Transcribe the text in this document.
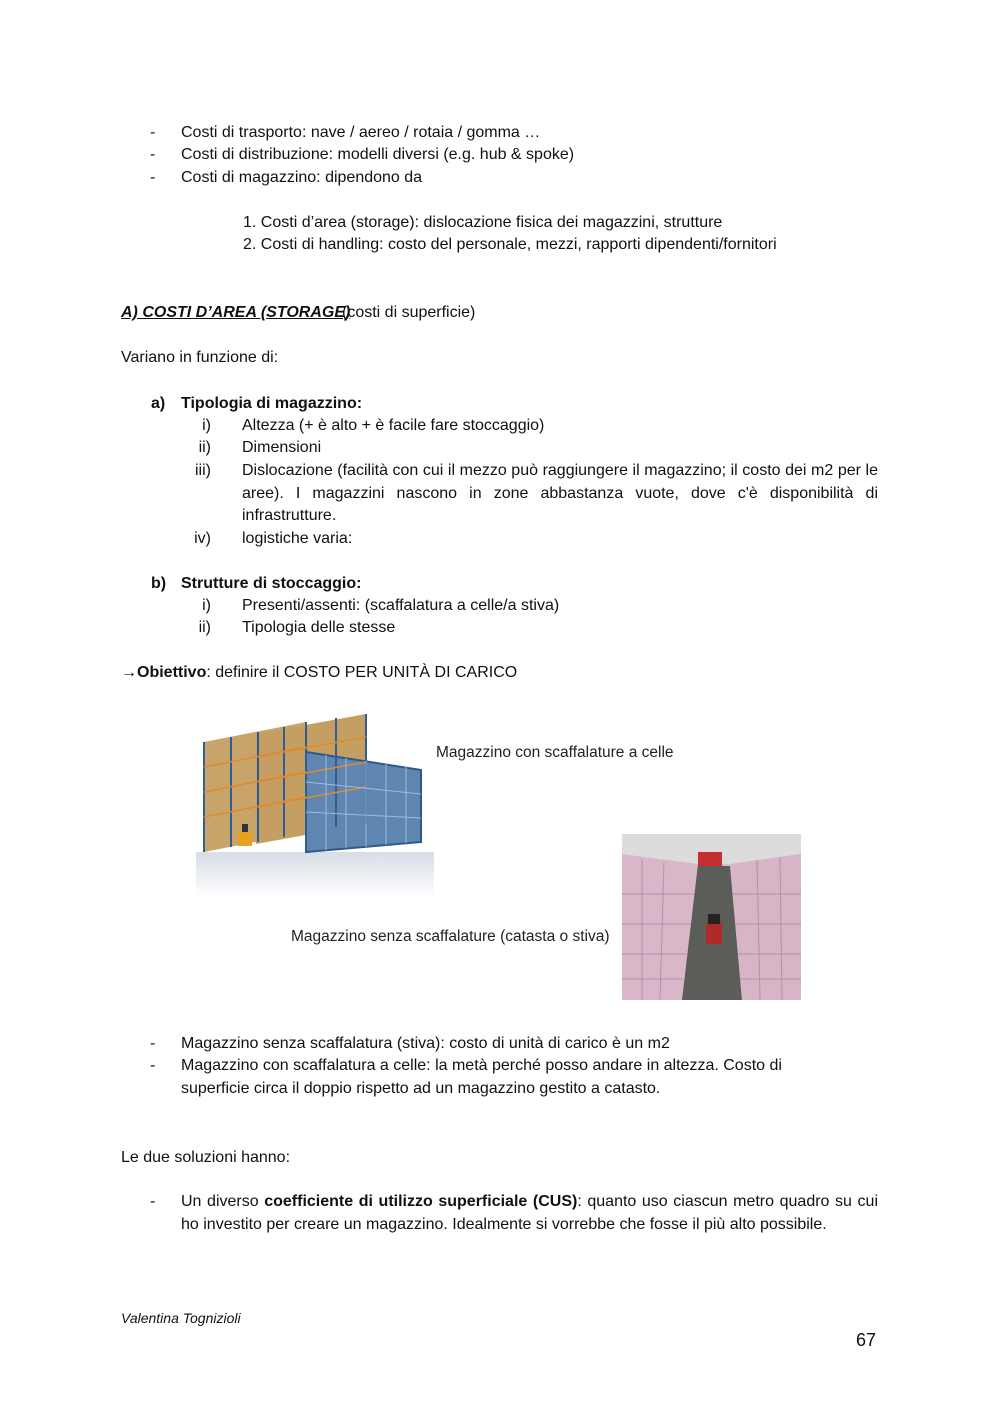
- Costi di trasporto: nave / aereo / rotaia / gomma …
- Costi di distribuzione: modelli diversi (e.g. hub & spoke)
- Costi di magazzino: dipendono da
1. Costi d’area (storage): dislocazione fisica dei magazzini, strutture
2. Costi di handling: costo del personale, mezzi, rapporti dipendenti/fornitori
A) COSTI D’AREA (STORAGE)
(costi di superficie)
Variano in funzione di:
a) Tipologia di magazzino:
i) Altezza (+ è alto + è facile fare stoccaggio)
ii) Dimensioni
iii) Dislocazione (facilità con cui il mezzo può raggiungere il magazzino; il costo dei m2 per le aree). I magazzini nascono in zone abbastanza vuote, dove c'è disponibilità di infrastrutture.
iv) logistiche varia:
b) Strutture di stoccaggio:
i) Presenti/assenti: (scaffalatura a celle/a stiva)
ii) Tipologia delle stesse
→Obiettivo: definire il COSTO PER UNITÀ DI CARICO
Magazzino con scaffalature a celle
Magazzino senza scaffalature (catasta o stiva)
- Magazzino senza scaffalatura (stiva): costo di unità di carico è un m2
- Magazzino con scaffalatura a celle: la metà perché posso andare in altezza. Costo di superficie circa il doppio rispetto ad un magazzino gestito a catasto.
Le due soluzioni hanno:
- Un diverso coefficiente di utilizzo superficiale (CUS): quanto uso ciascun metro quadro su cui ho investito per creare un magazzino. Idealmente si vorrebbe che fosse il più alto possibile.
Valentina Tognizioli
67
